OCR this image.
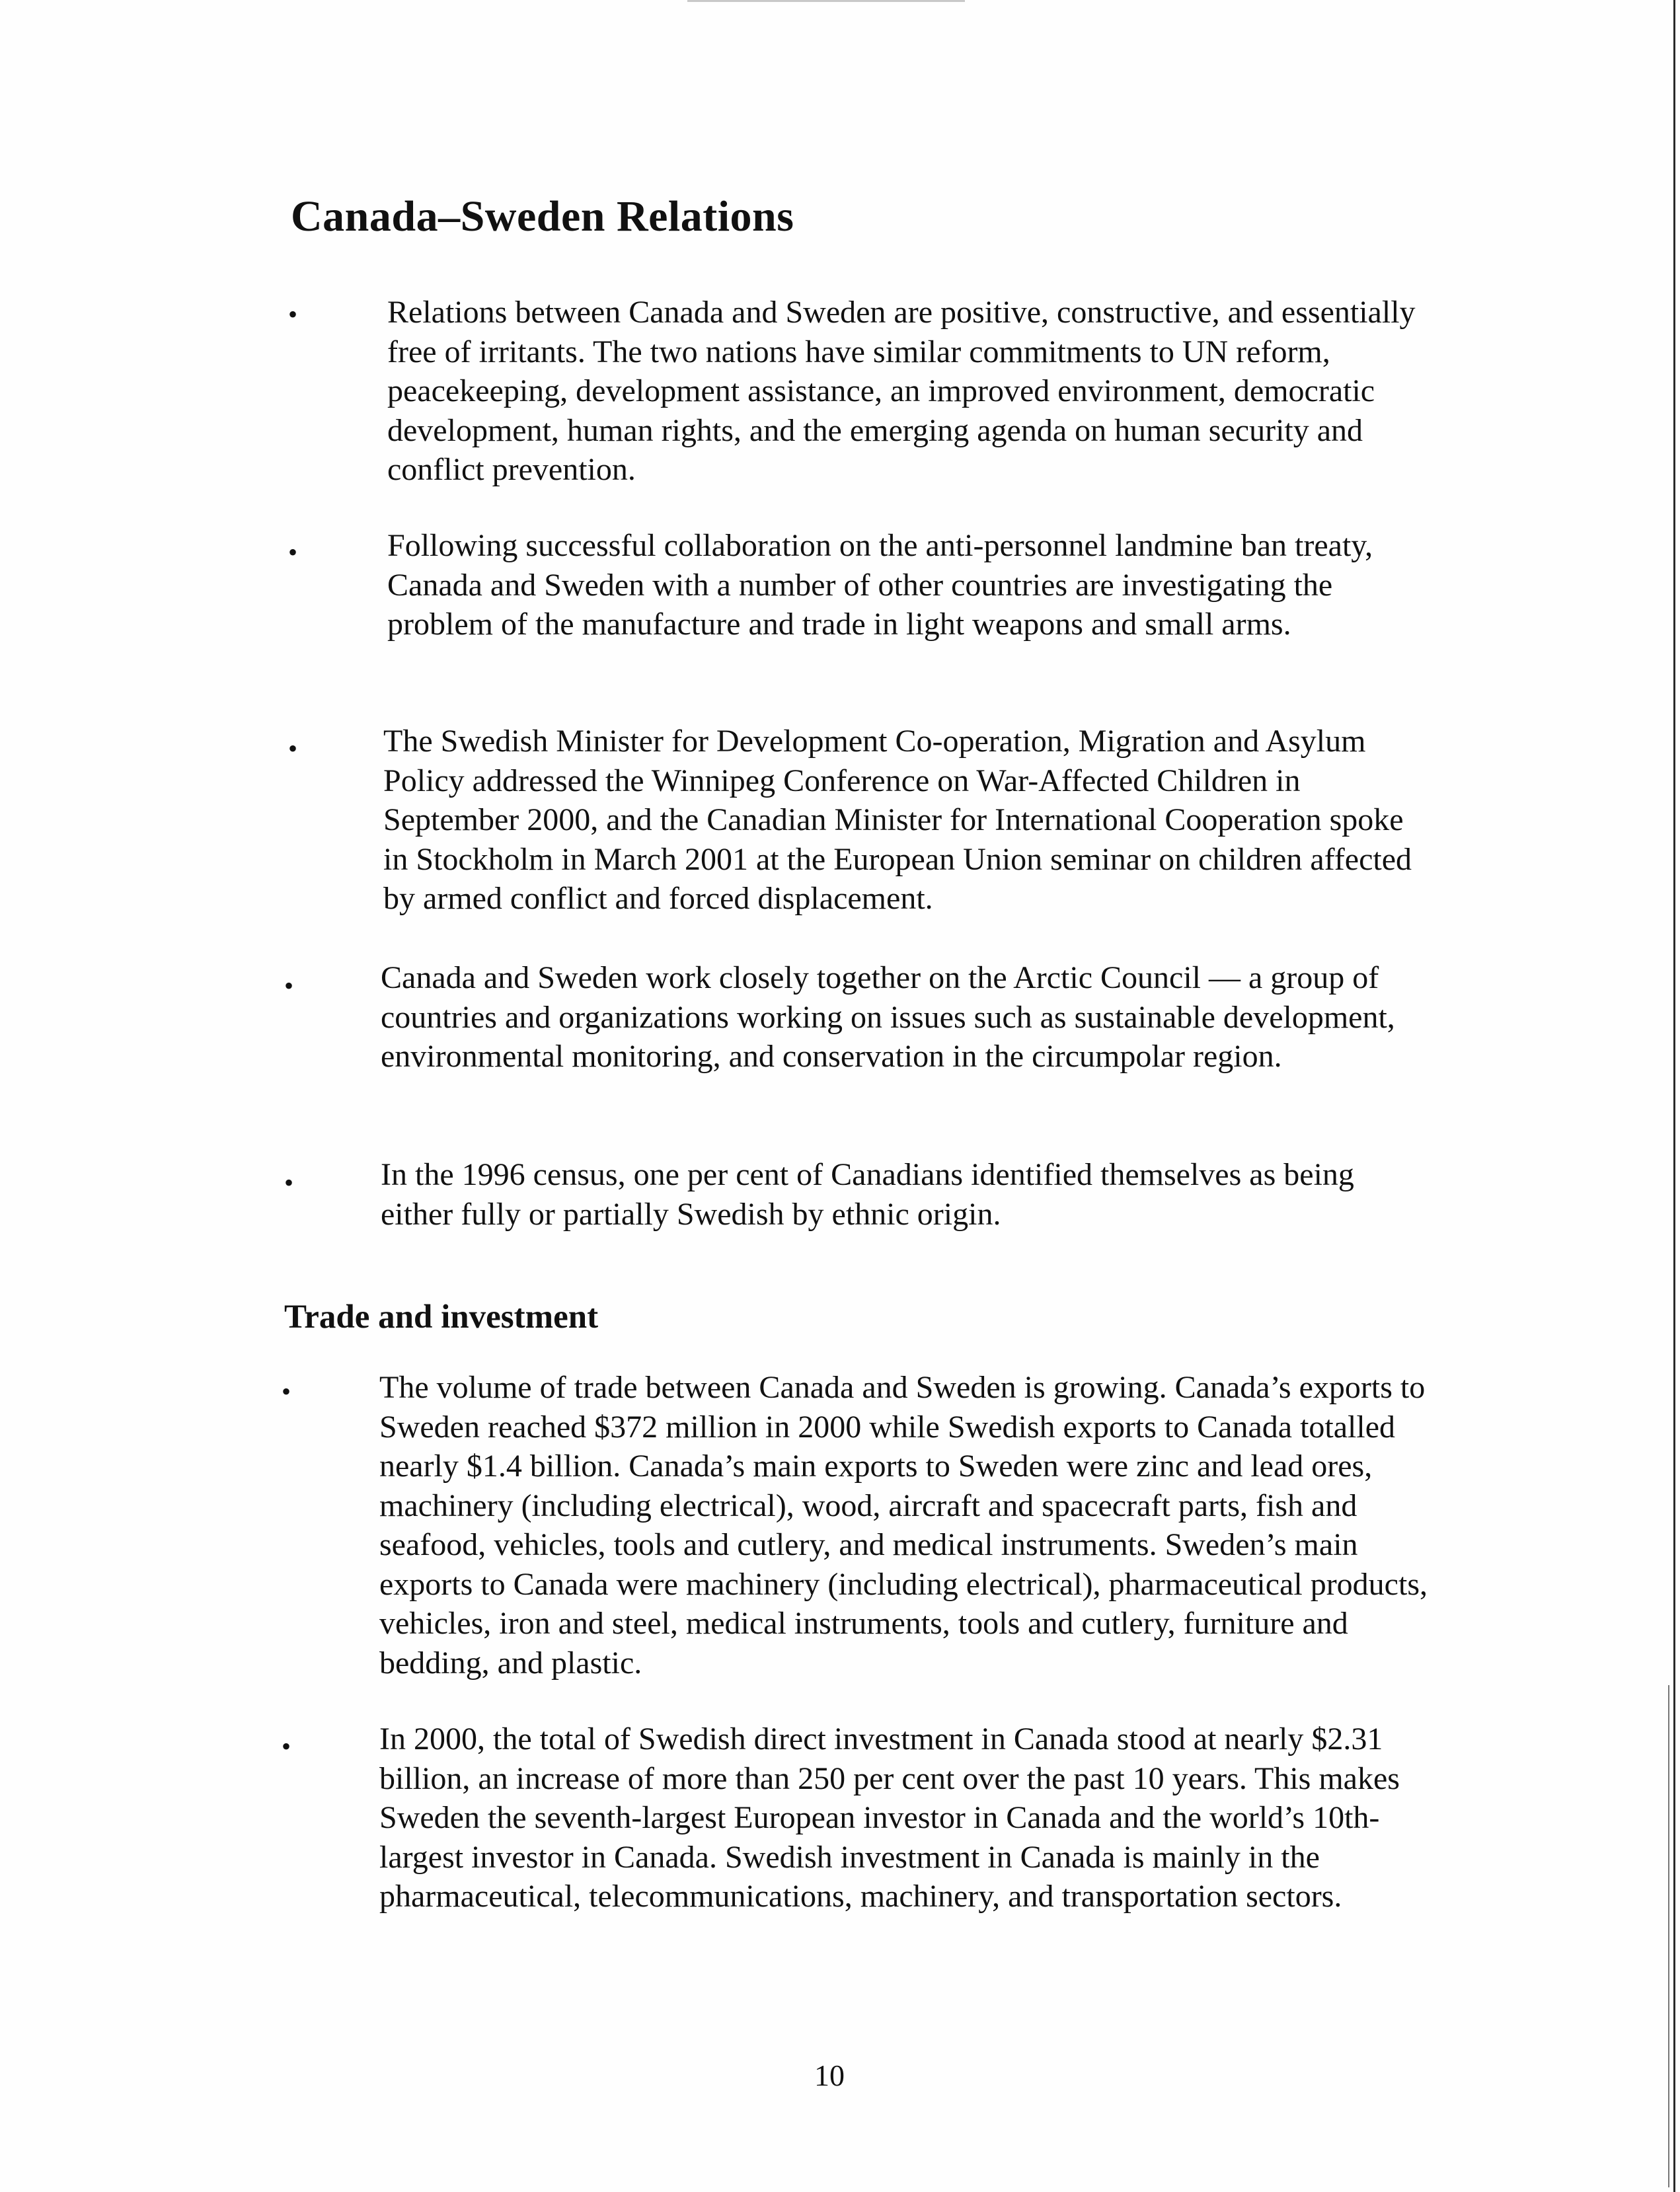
Canada–Sweden Relations
•	Relations between Canada and Sweden are positive, constructive, and essentially free of irritants. The two nations have similar commitments to UN reform, peacekeeping, development assistance, an improved environment, democratic development, human rights, and the emerging agenda on human security and conflict prevention.

•	Following successful collaboration on the anti-personnel landmine ban treaty, Canada and Sweden with a number of other countries are investigating the problem of the manufacture and trade in light weapons and small arms.

•	The Swedish Minister for Development Co-operation, Migration and Asylum Policy addressed the Winnipeg Conference on War-Affected Children in September 2000, and the Canadian Minister for International Cooperation spoke in Stockholm in March 2001 at the European Union seminar on children affected by armed conflict and forced displacement.

•	Canada and Sweden work closely together on the Arctic Council — a group of countries and organizations working on issues such as sustainable development, environmental monitoring, and conservation in the circumpolar region.

•	In the 1996 census, one per cent of Canadians identified themselves as being either fully or partially Swedish by ethnic origin.

Trade and investment
•	The volume of trade between Canada and Sweden is growing. Canada’s exports to Sweden reached $372 million in 2000 while Swedish exports to Canada totalled nearly $1.4 billion. Canada’s main exports to Sweden were zinc and lead ores, machinery (including electrical), wood, aircraft and spacecraft parts, fish and seafood, vehicles, tools and cutlery, and medical instruments. Sweden’s main exports to Canada were machinery (including electrical), pharmaceutical products, vehicles, iron and steel, medical instruments, tools and cutlery, furniture and bedding, and plastic.

•	In 2000, the total of Swedish direct investment in Canada stood at nearly $2.31 billion, an increase of more than 250 per cent over the past 10 years. This makes Sweden the seventh-largest European investor in Canada and the world’s 10th-largest investor in Canada. Swedish investment in Canada is mainly in the pharmaceutical, telecommunications, machinery, and transportation sectors.

10
